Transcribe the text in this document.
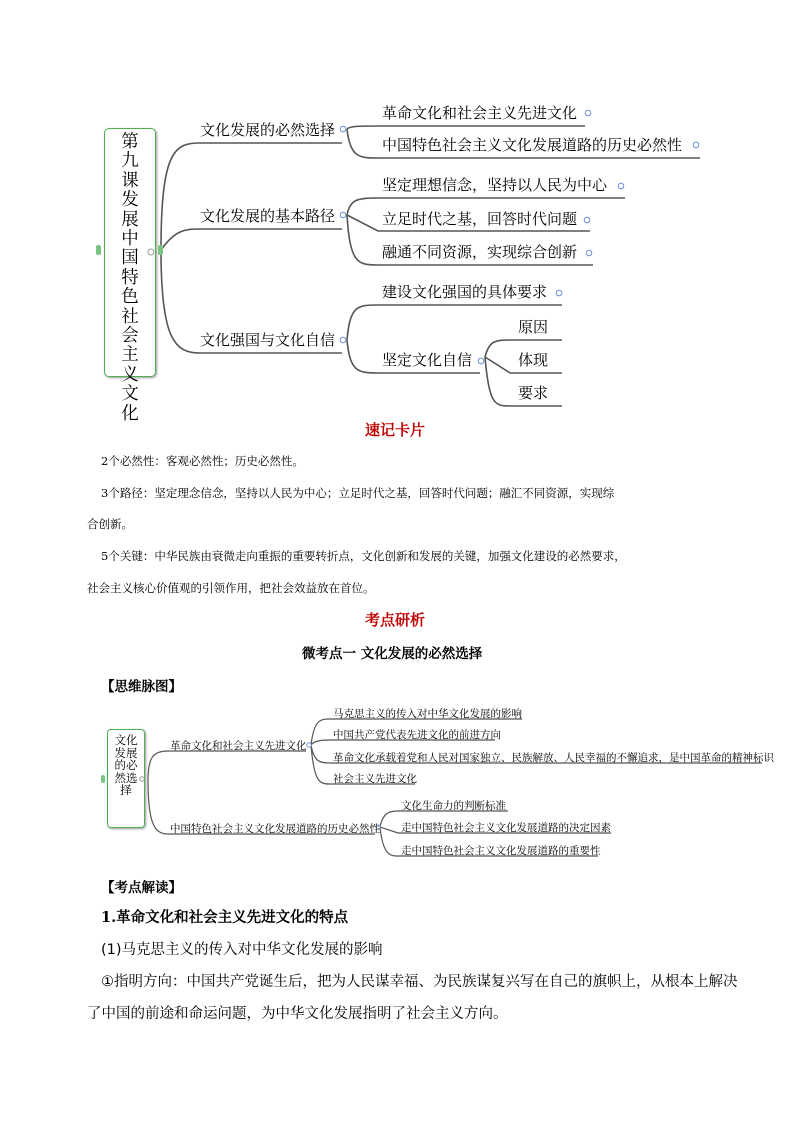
第九课 发展中国特色社会主义文化
文化发展的必然选择
文化发展的基本路径
文化强国与文化自信
革命文化和社会主义先进文化
中国特色社会主义文化发展道路的历史必然性
坚定理想信念，坚持以人民为中心
立足时代之基，回答时代问题
融通不同资源，实现综合创新
建设文化强国的具体要求
坚定文化自信
原因
体现
要求
速记卡片
2个必然性：客观必然性；历史必然性。
3个路径：坚定理念信念，坚持以人民为中心；立足时代之基，回答时代问题；融汇不同资源，实现综
合创新。
5个关键：中华民族由衰微走向重振的重要转折点，文化创新和发展的关键，加强文化建设的必然要求，
社会主义核心价值观的引领作用，把社会效益放在首位。
考点研析
微考点一 文化发展的必然选择
【思维脉图】
文化发展的必然选择
革命文化和社会主义先进文化
中国特色社会主义文化发展道路的历史必然性
马克思主义的传入对中华文化发展的影响
中国共产党代表先进文化的前进方向
革命文化承载着党和人民对国家独立、民族解放、人民幸福的不懈追求，是中国革命的精神标识
社会主义先进文化
文化生命力的判断标准
走中国特色社会主义文化发展道路的决定因素
走中国特色社会主义文化发展道路的重要性
【考点解读】
1.革命文化和社会主义先进文化的特点
(1)马克思主义的传入对中华文化发展的影响
①指明方向：中国共产党诞生后，把为人民谋幸福、为民族谋复兴写在自己的旗帜上，从根本上解决
了中国的前途和命运问题，为中华文化发展指明了社会主义方向。
